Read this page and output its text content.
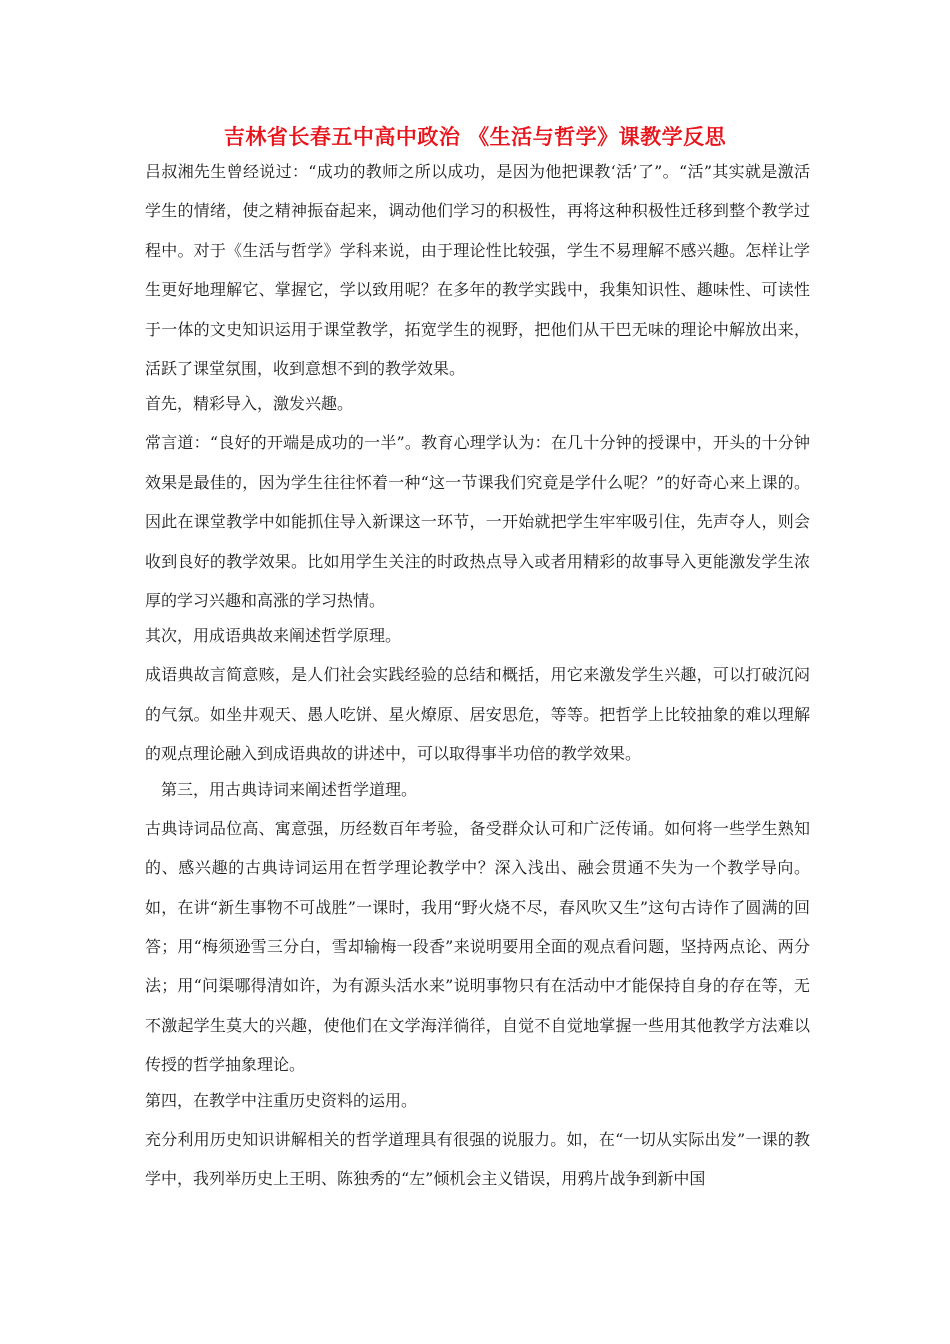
吉林省长春五中高中政治 《生活与哲学》课教学反思

吕叔湘先生曾经说过：“成功的教师之所以成功，是因为他把课教‘活’了”。“活”其实就是激活学生的情绪，使之精神振奋起来，调动他们学习的积极性，再将这种积极性迁移到整个教学过程中。对于《生活与哲学》学科来说，由于理论性比较强，学生不易理解不感兴趣。怎样让学生更好地理解它、掌握它，学以致用呢？在多年的教学实践中，我集知识性、趣味性、可读性于一体的文史知识运用于课堂教学，拓宽学生的视野，把他们从干巴无味的理论中解放出来，活跃了课堂氛围，收到意想不到的教学效果。

首先，精彩导入，激发兴趣。

常言道：“良好的开端是成功的一半”。教育心理学认为：在几十分钟的授课中，开头的十分钟效果是最佳的，因为学生往往怀着一种“这一节课我们究竟是学什么呢？”的好奇心来上课的。因此在课堂教学中如能抓住导入新课这一环节，一开始就把学生牢牢吸引住，先声夺人，则会收到良好的教学效果。比如用学生关注的时政热点导入或者用精彩的故事导入更能激发学生浓厚的学习兴趣和高涨的学习热情。

其次，用成语典故来阐述哲学原理。

成语典故言简意赅，是人们社会实践经验的总结和概括，用它来激发学生兴趣，可以打破沉闷的气氛。如坐井观天、愚人吃饼、星火燎原、居安思危，等等。把哲学上比较抽象的难以理解的观点理论融入到成语典故的讲述中，可以取得事半功倍的教学效果。

第三，用古典诗词来阐述哲学道理。

古典诗词品位高、寓意强，历经数百年考验，备受群众认可和广泛传诵。如何将一些学生熟知的、感兴趣的古典诗词运用在哲学理论教学中？深入浅出、融会贯通不失为一个教学导向。如，在讲“新生事物不可战胜”一课时，我用“野火烧不尽，春风吹又生”这句古诗作了圆满的回答；用“梅须逊雪三分白，雪却输梅一段香”来说明要用全面的观点看问题，坚持两点论、两分法；用“问渠哪得清如许，为有源头活水来”说明事物只有在活动中才能保持自身的存在等，无不激起学生莫大的兴趣，使他们在文学海洋徜徉，自觉不自觉地掌握一些用其他教学方法难以传授的哲学抽象理论。

第四，在教学中注重历史资料的运用。

充分利用历史知识讲解相关的哲学道理具有很强的说服力。如，在“一切从实际出发”一课的教学中，我列举历史上王明、陈独秀的“左”倾机会主义错误，用鸦片战争到新中国
